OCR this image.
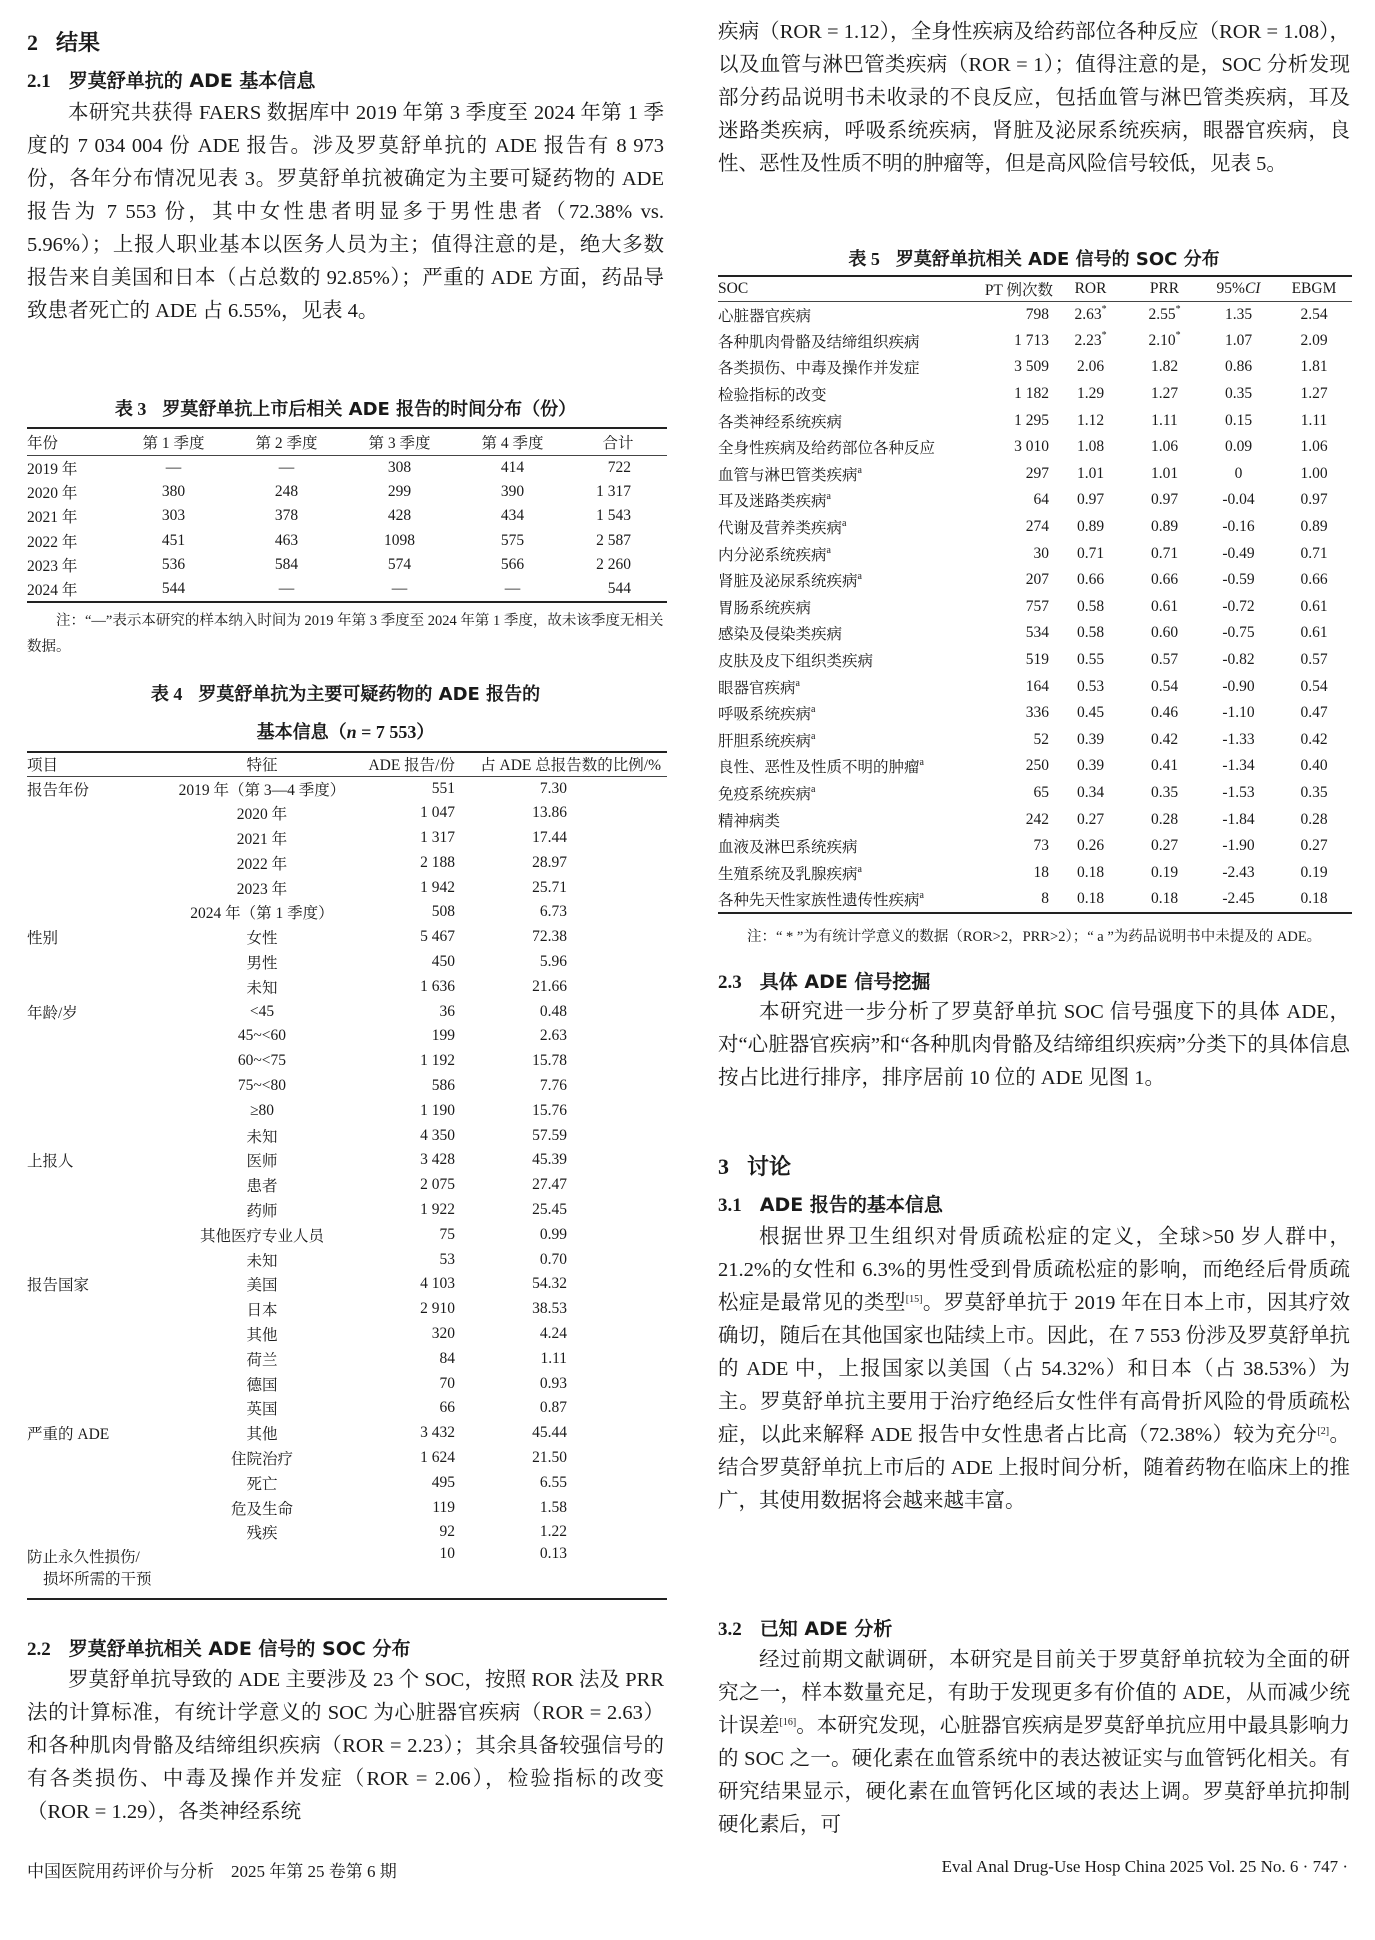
2 结果
2.1 罗莫舒单抗的 ADE 基本信息
本研究共获得 FAERS 数据库中 2019 年第 3 季度至 2024 年第 1 季度的 7 034 004 份 ADE 报告。涉及罗莫舒单抗的 ADE 报告有 8 973 份，各年分布情况见表 3。罗莫舒单抗被确定为主要可疑药物的 ADE 报告为 7 553 份，其中女性患者明显多于男性患者（72.38% vs. 5.96%）；上报人职业基本以医务人员为主；值得注意的是，绝大多数报告来自美国和日本（占总数的 92.85%）；严重的 ADE 方面，药品导致患者死亡的 ADE 占 6.55%，见表 4。
表 3 罗莫舒单抗上市后相关 ADE 报告的时间分布（份）
年份	第 1 季度	第 2 季度	第 3 季度	第 4 季度	合计
2019 年	—	—	308	414	722
2020 年	380	248	299	390	1 317
2021 年	303	378	428	434	1 543
2022 年	451	463	1098	575	2 587
2023 年	536	584	574	566	2 260
2024 年	544	—	—	—	544
注：“—”表示本研究的样本纳入时间为 2019 年第 3 季度至 2024 年第 1 季度，故未该季度无相关数据。
表 4 罗莫舒单抗为主要可疑药物的 ADE 报告的
基本信息（n = 7 553）
项目	特征	ADE 报告/份	占 ADE 总报告数的比例/%
报告年份	2019 年（第 3—4 季度）	551	7.30
	2020 年	1 047	13.86
	2021 年	1 317	17.44
	2022 年	2 188	28.97
	2023 年	1 942	25.71
	2024 年（第 1 季度）	508	6.73
性别	女性	5 467	72.38
	男性	450	5.96
	未知	1 636	21.66
年龄/岁	<45	36	0.48
	45~<60	199	2.63
	60~<75	1 192	15.78
	75~<80	586	7.76
	≥80	1 190	15.76
	未知	4 350	57.59
上报人	医师	3 428	45.39
	患者	2 075	27.47
	药师	1 922	25.45
	其他医疗专业人员	75	0.99
	未知	53	0.70
报告国家	美国	4 103	54.32
	日本	2 910	38.53
	其他	320	4.24
	荷兰	84	1.11
	德国	70	0.93
	英国	66	0.87
严重的 ADE	其他	3 432	45.44
	住院治疗	1 624	21.50
	死亡	495	6.55
	危及生命	119	1.58
	残疾	92	1.22

防止永久性损伤/
损坏所需的干预		10	0.13
2.2 罗莫舒单抗相关 ADE 信号的 SOC 分布
罗莫舒单抗导致的 ADE 主要涉及 23 个 SOC，按照 ROR 法及 PRR 法的计算标准，有统计学意义的 SOC 为心脏器官疾病（ROR = 2.63）和各种肌肉骨骼及结缔组织疾病（ROR = 2.23）；其余具备较强信号的有各类损伤、中毒及操作并发症（ROR = 2.06），检验指标的改变（ROR = 1.29），各类神经系统
中国医院用药评价与分析　2025 年第 25 卷第 6 期
疾病（ROR = 1.12），全身性疾病及给药部位各种反应（ROR = 1.08），以及血管与淋巴管类疾病（ROR = 1）；值得注意的是，SOC 分析发现部分药品说明书未收录的不良反应，包括血管与淋巴管类疾病，耳及迷路类疾病，呼吸系统疾病，肾脏及泌尿系统疾病，眼器官疾病，良性、恶性及性质不明的肿瘤等，但是高风险信号较低，见表 5。
表 5 罗莫舒单抗相关 ADE 信号的 SOC 分布
SOC	PT 例次数	ROR	PRR	95%CI	EBGM
心脏器官疾病	798	2.63*	2.55*	1.35	2.54
各种肌肉骨骼及结缔组织疾病	1 713	2.23*	2.10*	1.07	2.09
各类损伤、中毒及操作并发症	3 509	2.06	1.82	0.86	1.81
检验指标的改变	1 182	1.29	1.27	0.35	1.27
各类神经系统疾病	1 295	1.12	1.11	0.15	1.11
全身性疾病及给药部位各种反应	3 010	1.08	1.06	0.09	1.06
血管与淋巴管类疾病$^a$	297	1.01	1.01	0	1.00
耳及迷路类疾病$^a$	64	0.97	0.97	-0.04	0.97
代谢及营养类疾病$^a$	274	0.89	0.89	-0.16	0.89
内分泌系统疾病$^a$	30	0.71	0.71	-0.49	0.71
肾脏及泌尿系统疾病$^a$	207	0.66	0.66	-0.59	0.66
胃肠系统疾病	757	0.58	0.61	-0.72	0.61
感染及侵染类疾病	534	0.58	0.60	-0.75	0.61
皮肤及皮下组织类疾病	519	0.55	0.57	-0.82	0.57
眼器官疾病$^a$	164	0.53	0.54	-0.90	0.54
呼吸系统疾病$^a$	336	0.45	0.46	-1.10	0.47
肝胆系统疾病$^a$	52	0.39	0.42	-1.33	0.42
良性、恶性及性质不明的肿瘤$^a$	250	0.39	0.41	-1.34	0.40
免疫系统疾病$^a$	65	0.34	0.35	-1.53	0.35
精神病类	242	0.27	0.28	-1.84	0.28
血液及淋巴系统疾病	73	0.26	0.27	-1.90	0.27
生殖系统及乳腺疾病$^a$	18	0.18	0.19	-2.43	0.19
各种先天性家族性遗传性疾病$^a$	8	0.18	0.18	-2.45	0.18
注：“ * ”为有统计学意义的数据（ROR>2，PRR>2）；“ a ”为药品说明书中未提及的 ADE。
2.3 具体 ADE 信号挖掘
本研究进一步分析了罗莫舒单抗 SOC 信号强度下的具体 ADE，对“心脏器官疾病”和“各种肌肉骨骼及结缔组织疾病”分类下的具体信息按占比进行排序，排序居前 10 位的 ADE 见图 1。
3 讨论
3.1 ADE 报告的基本信息
根据世界卫生组织对骨质疏松症的定义，全球>50 岁人群中，21.2%的女性和 6.3%的男性受到骨质疏松症的影响，而绝经后骨质疏松症是最常见的类型[15]。罗莫舒单抗于 2019 年在日本上市，因其疗效确切，随后在其他国家也陆续上市。因此，在 7 553 份涉及罗莫舒单抗的 ADE 中，上报国家以美国（占 54.32%）和日本（占 38.53%）为主。罗莫舒单抗主要用于治疗绝经后女性伴有高骨折风险的骨质疏松症，以此来解释 ADE 报告中女性患者占比高（72.38%）较为充分[2]。结合罗莫舒单抗上市后的 ADE 上报时间分析，随着药物在临床上的推广，其使用数据将会越来越丰富。
3.2 已知 ADE 分析
经过前期文献调研，本研究是目前关于罗莫舒单抗较为全面的研究之一，样本数量充足，有助于发现更多有价值的 ADE，从而减少统计误差[16]。本研究发现，心脏器官疾病是罗莫舒单抗应用中最具影响力的 SOC 之一。硬化素在血管系统中的表达被证实与血管钙化相关。有研究结果显示，硬化素在血管钙化区域的表达上调。罗莫舒单抗抑制硬化素后，可
Eval Anal Drug-Use Hosp China 2025 Vol. 25 No. 6 · 747 ·
